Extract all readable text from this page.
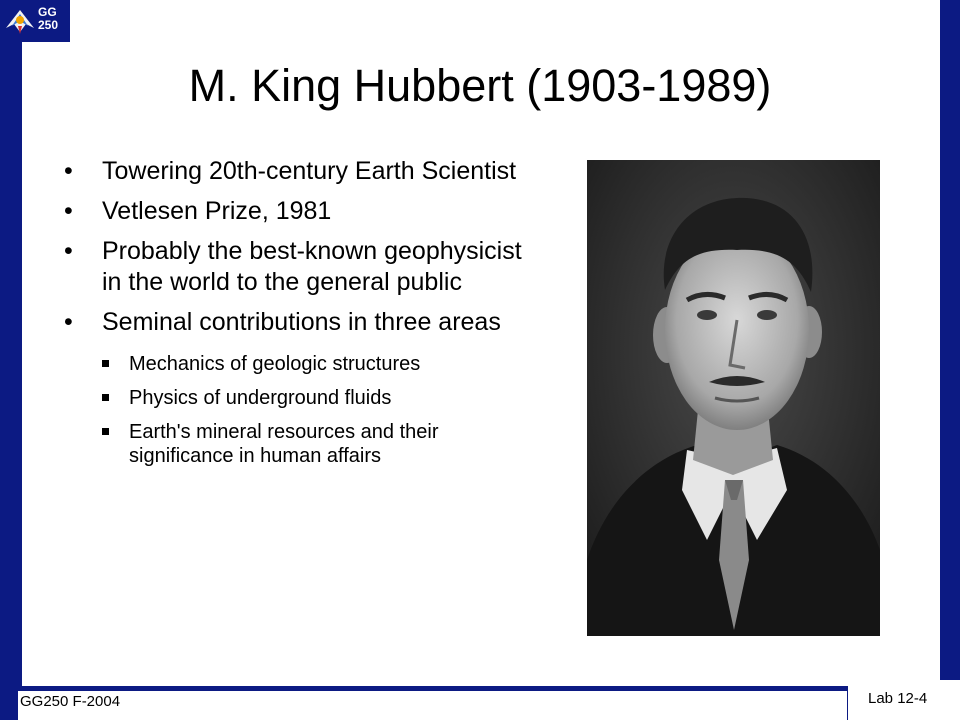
GG
250
M. King Hubbert (1903-1989)
• Towering 20th-century Earth Scientist
• Vetlesen Prize, 1981
• Probably the best-known geophysicist in the world to the general public
• Seminal contributions in three areas
Mechanics of geologic structures
Physics of underground fluids
Earth's mineral resources and their significance in human affairs
GG250 F-2004	Lab 12-4
